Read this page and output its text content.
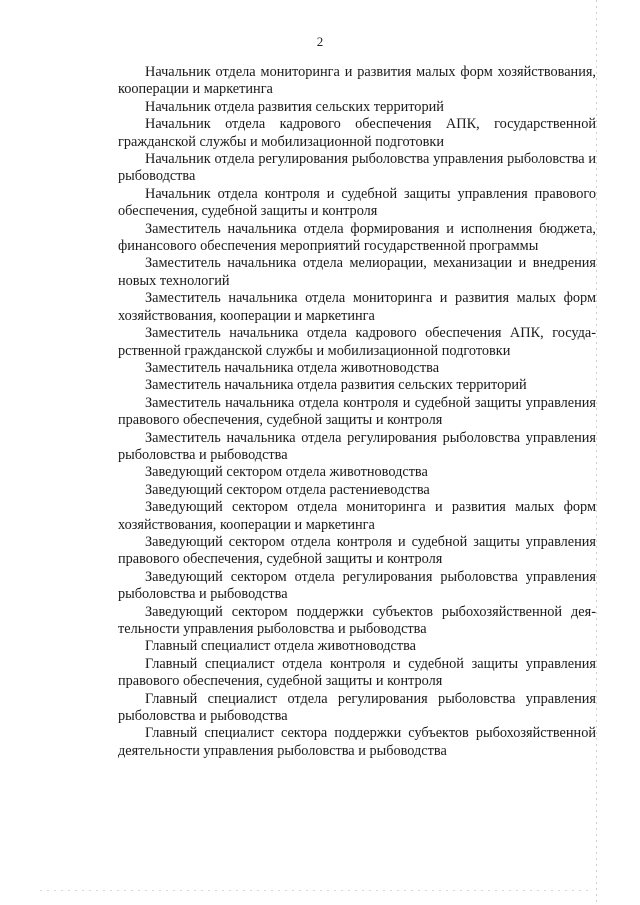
2

Начальник отдела мониторинга и развития малых форм хозяйствования, кооперации и маркетинга

Начальник отдела развития сельских территорий

Начальник отдела кадрового обеспечения АПК, государственной гражданской службы и мобилизационной подготовки

Начальник отдела регулирования рыболовства управления рыболовства и рыбоводства

Начальник отдела контроля и судебной защиты управления правового обеспечения, судебной защиты и контроля

Заместитель начальника отдела формирования и исполнения бюджета, финансового обеспечения мероприятий государственной программы

Заместитель начальника отдела мелиорации, механизации и внедрения новых технологий

Заместитель начальника отдела мониторинга и развития малых форм хозяйствования, кооперации и маркетинга

Заместитель начальника отдела кадрового обеспечения АПК, государственной гражданской службы и мобилизационной подготовки

Заместитель начальника отдела животноводства

Заместитель начальника отдела развития сельских территорий

Заместитель начальника отдела контроля и судебной защиты управления правового обеспечения, судебной защиты и контроля

Заместитель начальника отдела регулирования рыболовства управления рыболовства и рыбоводства

Заведующий сектором отдела животноводства

Заведующий сектором отдела растениеводства

Заведующий сектором отдела мониторинга и развития малых форм хозяйствования, кооперации и маркетинга

Заведующий сектором отдела контроля и судебной защиты управления правового обеспечения, судебной защиты и контроля

Заведующий сектором отдела регулирования рыболовства управления рыболовства и рыбоводства

Заведующий сектором поддержки субъектов рыбохозяйственной деятельности управления рыболовства и рыбоводства

Главный специалист отдела животноводства

Главный специалист отдела контроля и судебной защиты управления правового обеспечения, судебной защиты и контроля

Главный специалист отдела регулирования рыболовства управления рыболовства и рыбоводства

Главный специалист сектора поддержки субъектов рыбохозяйственной деятельности управления рыболовства и рыбоводства
